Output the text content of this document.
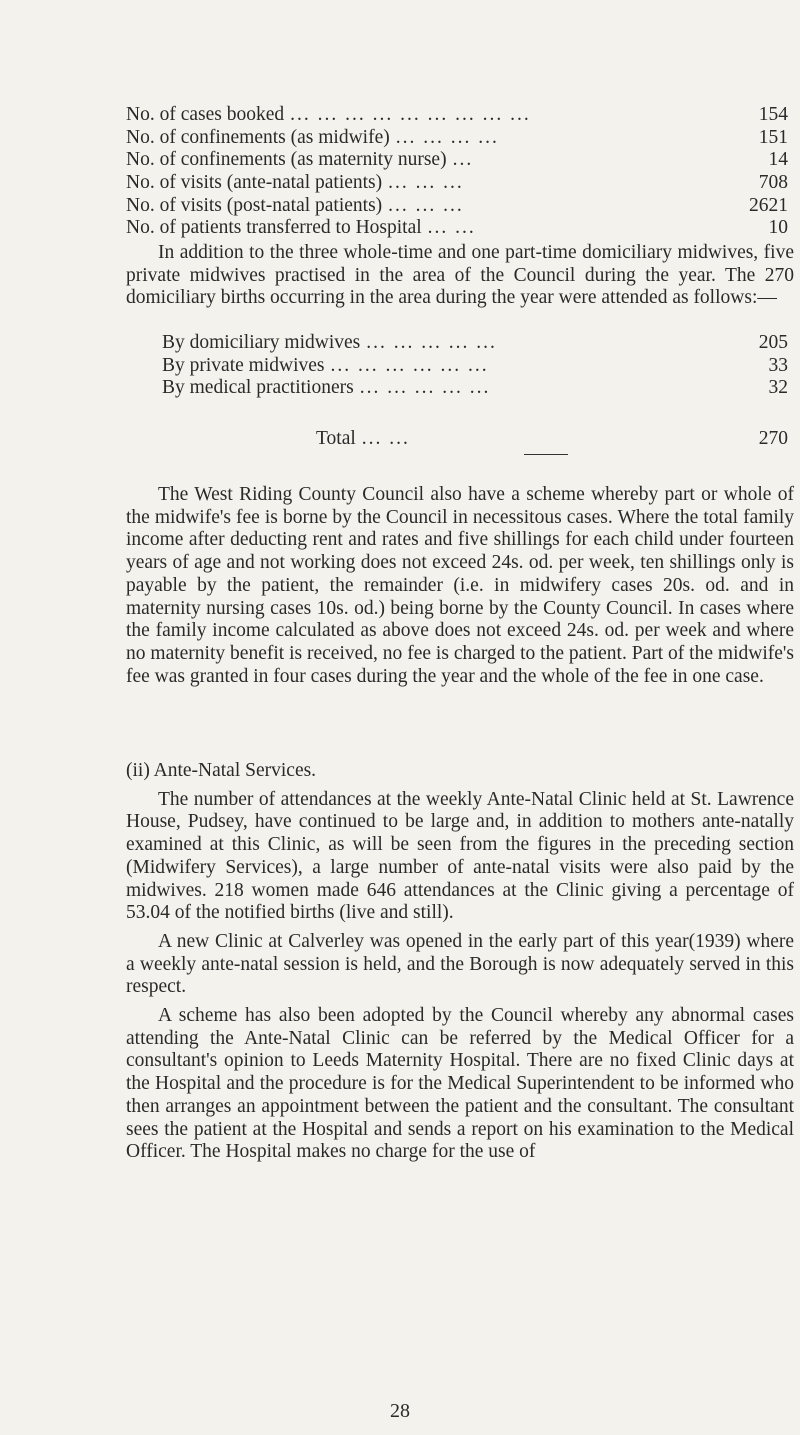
No. of cases booked ... ... ... ... ... ... ... ... ...	154
No. of confinements (as midwife) ... ... ... ...	151
No. of confinements (as maternity nurse) ...	14
No. of visits (ante-natal patients) ... ... ...	708
No. of visits (post-natal patients) ... ... ...	2621
No. of patients transferred to Hospital ... ...	10

In addition to the three whole-time and one part-time domiciliary midwives, five private midwives practised in the area of the Council during the year. The 270 domiciliary births occurring in the area during the year were attended as follows:—

By domiciliary midwives ... ... ... ... ...	205
By private midwives ... ... ... ... ... ...	33
By medical practitioners ... ... ... ... ...	32
Total ... ...	270

The West Riding County Council also have a scheme whereby part or whole of the midwife's fee is borne by the Council in necessitous cases. Where the total family income after deducting rent and rates and five shillings for each child under fourteen years of age and not working does not exceed 24s. od. per week, ten shillings only is payable by the patient, the remainder (i.e. in midwifery cases 20s. od. and in maternity nursing cases 10s. od.) being borne by the County Council. In cases where the family income calculated as above does not exceed 24s. od. per week and where no maternity benefit is received, no fee is charged to the patient. Part of the midwife's fee was granted in four cases during the year and the whole of the fee in one case.

(ii) Ante-Natal Services.

The number of attendances at the weekly Ante-Natal Clinic held at St. Lawrence House, Pudsey, have continued to be large and, in addition to mothers ante-natally examined at this Clinic, as will be seen from the figures in the preceding section (Midwifery Services), a large number of ante-natal visits were also paid by the midwives. 218 women made 646 attendances at the Clinic giving a percentage of 53.04 of the notified births (live and still).

A new Clinic at Calverley was opened in the early part of this year(1939) where a weekly ante-natal session is held, and the Borough is now adequately served in this respect.

A scheme has also been adopted by the Council whereby any abnormal cases attending the Ante-Natal Clinic can be referred by the Medical Officer for a consultant's opinion to Leeds Maternity Hospital. There are no fixed Clinic days at the Hospital and the procedure is for the Medical Superintendent to be informed who then arranges an appointment between the patient and the consultant. The consultant sees the patient at the Hospital and sends a report on his examination to the Medical Officer. The Hospital makes no charge for the use of

28
